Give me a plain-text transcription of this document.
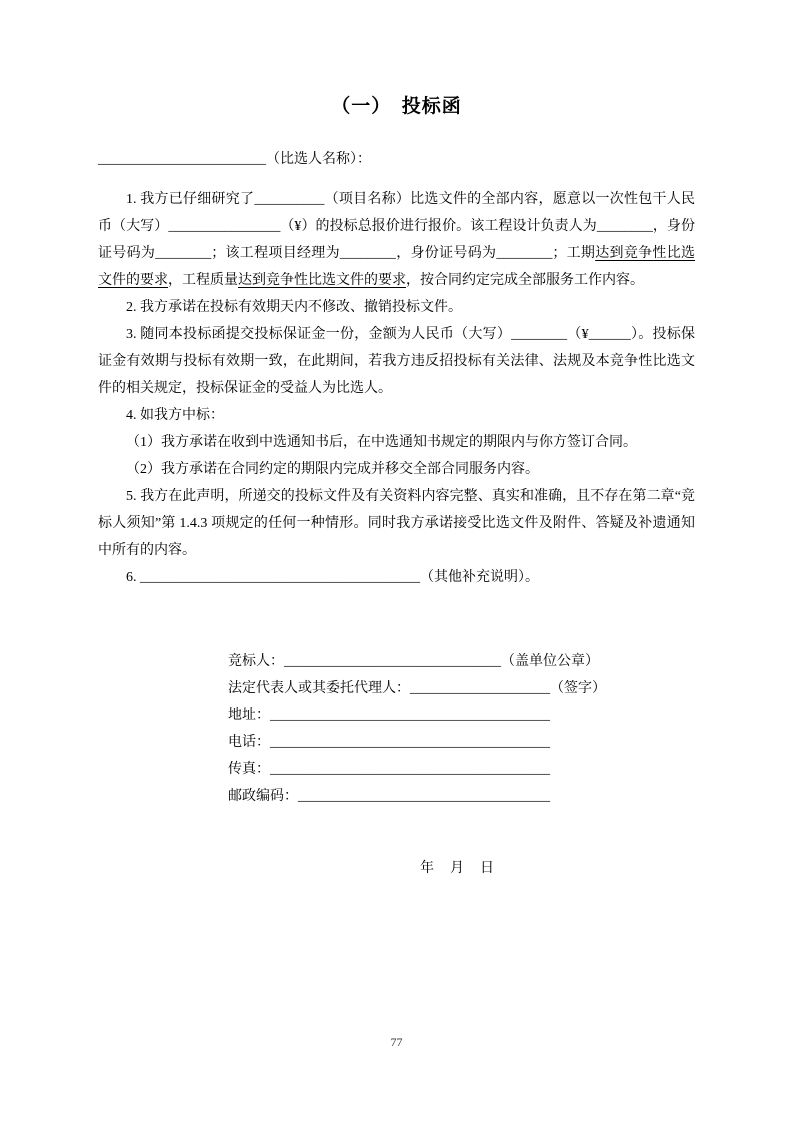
（一）　投标函
________________________（比选人名称）：

1. 我方已仔细研究了__________（项目名称）比选文件的全部内容，愿意以一次性包干人民币（大写）________________（¥）的投标总报价进行报价。该工程设计负责人为________，身份证号码为________；该工程项目经理为________，身份证号码为________；工期达到竞争性比选文件的要求，工程质量达到竞争性比选文件的要求，按合同约定完成全部服务工作内容。

2. 我方承诺在投标有效期天内不修改、撤销投标文件。

3. 随同本投标函提交投标保证金一份，金额为人民币（大写）________（¥______）。投标保证金有效期与投标有效期一致，在此期间，若我方违反招投标有关法律、法规及本竞争性比选文件的相关规定，投标保证金的受益人为比选人。

4. 如我方中标：

（1）我方承诺在收到中选通知书后，在中选通知书规定的期限内与你方签订合同。

（2）我方承诺在合同约定的期限内完成并移交全部合同服务内容。

5. 我方在此声明，所递交的投标文件及有关资料内容完整、真实和准确，且不存在第二章“竞标人须知”第 1.4.3 项规定的任何一种情形。同时我方承诺接受比选文件及附件、答疑及补遗通知中所有的内容。

6. ________________________________________（其他补充说明）。

竞标人：_______________________________（盖单位公章）
法定代表人或其委托代理人：____________________（签字）
地址：________________________________________
电话：________________________________________
传真：________________________________________
邮政编码：____________________________________
年　月　日
77
